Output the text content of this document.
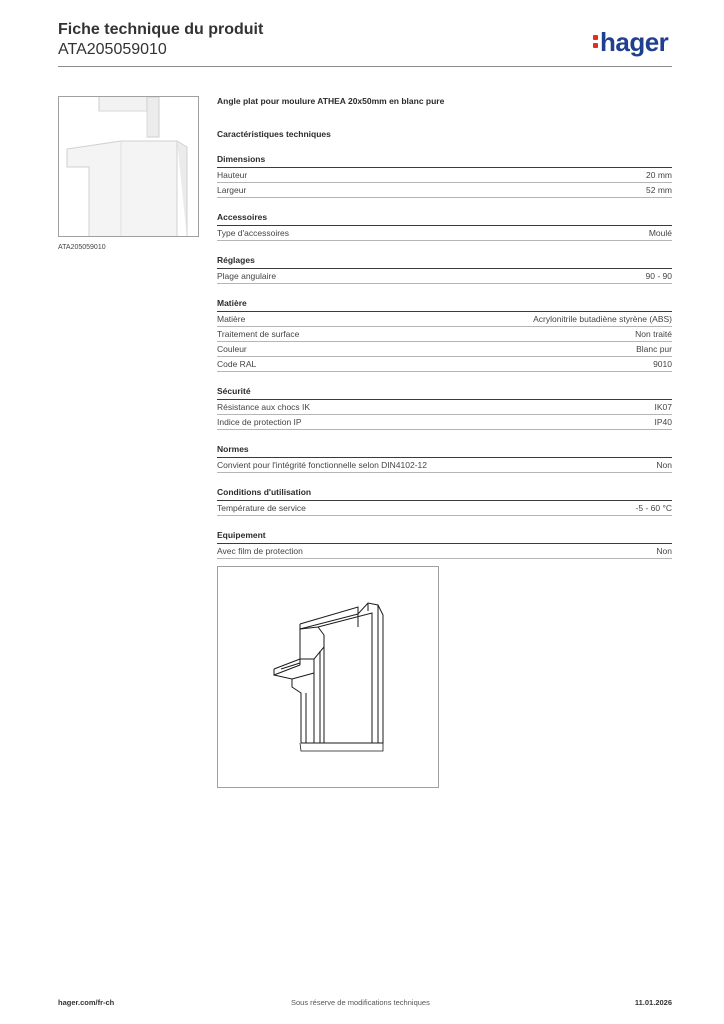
Fiche technique du produit
ATA205059010	hager
ATA205059010
Angle plat pour moulure ATHEA 20x50mm en blanc pure
Caractéristiques techniques
Dimensions
Hauteur	20 mm
Largeur	52 mm
Accessoires
Type d'accessoires	Moulé
Réglages
Plage angulaire	90 - 90
Matière
Matière	Acrylonitrile butadiène styrène (ABS)
Traitement de surface	Non traité
Couleur	Blanc pur
Code RAL	9010
Sécurité
Résistance aux chocs IK	IK07
Indice de protection IP	IP40
Normes
Convient pour l'intégrité fonctionnelle selon DIN4102-12	Non
Conditions d'utilisation
Température de service	-5 - 60 °C
Equipement
Avec film de protection	Non
hager.com/fr-ch	Sous réserve de modifications techniques	11.01.2026
